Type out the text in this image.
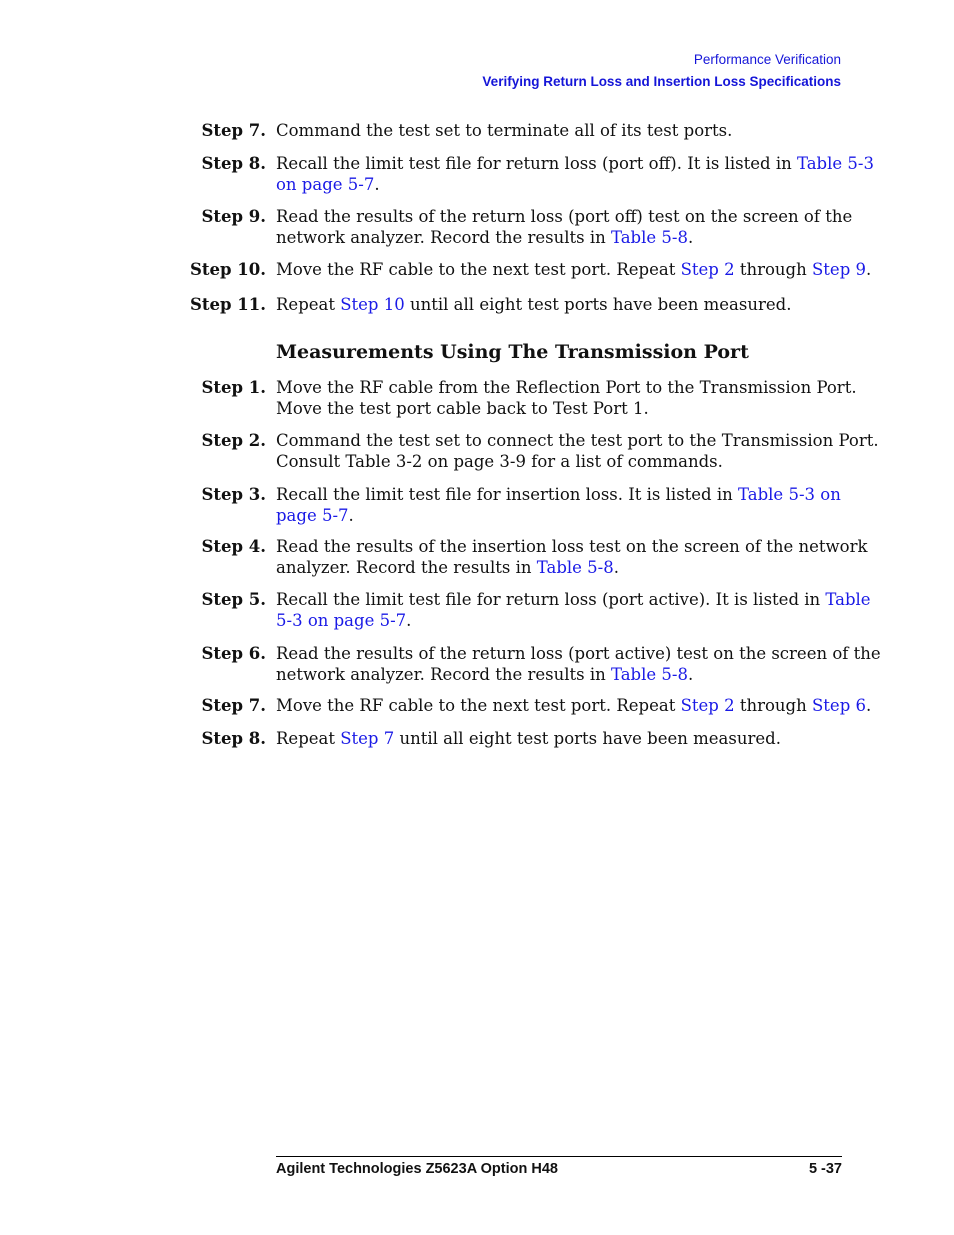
Performance Verification
Verifying Return Loss and Insertion Loss Specifications
Step 7. Command the test set to terminate all of its test ports.
Step 8. Recall the limit test file for return loss (port off). It is listed in Table 5-3
on page 5-7.
Step 9. Read the results of the return loss (port off) test on the screen of the
network analyzer. Record the results in Table 5-8.
Step 10. Move the RF cable to the next test port. Repeat Step 2 through Step 9.
Step 11. Repeat Step 10 until all eight test ports have been measured.
Measurements Using The Transmission Port
Step 1. Move the RF cable from the Reflection Port to the Transmission Port.
Move the test port cable back to Test Port 1.
Step 2. Command the test set to connect the test port to the Transmission Port.
Consult Table 3-2 on page 3-9 for a list of commands.
Step 3. Recall the limit test file for insertion loss. It is listed in Table 5-3 on
page 5-7.
Step 4. Read the results of the insertion loss test on the screen of the network
analyzer. Record the results in Table 5-8.
Step 5. Recall the limit test file for return loss (port active). It is listed in Table
5-3 on page 5-7.
Step 6. Read the results of the return loss (port active) test on the screen of the
network analyzer. Record the results in Table 5-8.
Step 7. Move the RF cable to the next test port. Repeat Step 2 through Step 6.
Step 8. Repeat Step 7 until all eight test ports have been measured.
Agilent Technologies Z5623A Option H48	5 -37
